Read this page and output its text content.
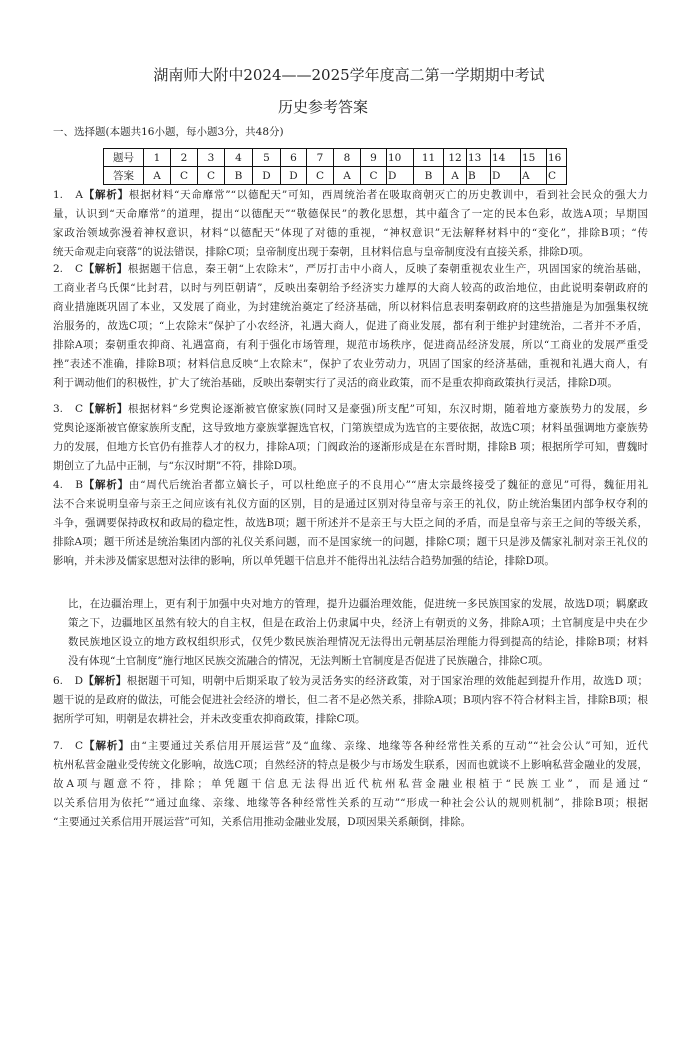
湖南师大附中2024——2025学年度高二第一学期期中考试
历史参考答案
一、选择题(本题共16小题，每小题3分，共48分)
题号	1	2	3	4	5	6	7	8	9	10	11	12	13	14	15	16
答案	A	C	C	B	D	D	C	A	C	D	B	A	B	D	A	C
1. A【解析】根据材料“天命靡常”“以德配天”可知，西周统治者在吸取商朝灭亡的历史教训中，看到社会民众的强大力
量，认识到“天命靡常”的道理，提出“以德配天”“敬德保民”的教化思想，其中蕴含了一定的民本色彩，故选A项；早期国
家政治领域弥漫着神权意识，材料“以德配天”体现了对德的重视，“神权意识”无法解释材料中的“变化”，排除B项；“传
统天命观走向衰落”的说法错误，排除C项；皇帝制度出现于秦朝，且材料信息与皇帝制度没有直接关系，排除D项。
2. C【解析】根据题干信息，秦王朝“上农除末”，严厉打击中小商人，反映了秦朝重视农业生产，巩固国家的统治基础，
工商业者乌氏倮“比封君，以时与列臣朝请”，反映出秦朝给予经济实力雄厚的大商人较高的政治地位，由此说明秦朝政府的
商业措施既巩固了本业，又发展了商业，为封建统治奠定了经济基础，所以材料信息表明秦朝政府的这些措施是为加强集权统
治服务的，故选C项；“上农除末”保护了小农经济，礼遇大商人，促进了商业发展，都有利于维护封建统治，二者并不矛盾，
排除A项；秦朝重农抑商、礼遇富商，有利于强化市场管理，规范市场秩序，促进商品经济发展，所以“工商业的发展严重受
挫”表述不准确，排除B项；材料信息反映“上农除末”，保护了农业劳动力，巩固了国家的经济基础，重视和礼遇大商人，有
利于调动他们的积极性，扩大了统治基础，反映出秦朝实行了灵活的商业政策，而不是重农抑商政策执行灵活，排除D项。
3. C【解析】根据材料“乡党舆论逐渐被官僚家族(同时又是豪强)所支配”可知，东汉时期，随着地方豪族势力的发展，乡
党舆论逐渐被官僚家族所支配，这导致地方豪族掌握选官权，门第族望成为选官的主要依据，故选C项；材料虽强调地方豪族势
力的发展，但地方长官仍有推荐人才的权力，排除A项；门阀政治的逐渐形成是在东晋时期，排除B 项；根据所学可知，曹魏时
期创立了九品中正制，与“东汉时期”不符，排除D项。
4. B【解析】由“周代后统治者都立嫡长子，可以杜绝庶子的不良用心”“唐太宗最终接受了魏征的意见”可得，魏征用礼
法不合来说明皇帝与亲王之间应该有礼仪方面的区别，目的是通过区别对待皇帝与亲王的礼仪，防止统治集团内部争权夺利的
斗争，强调要保持政权和政局的稳定性，故选B项；题干所述并不是亲王与大臣之间的矛盾，而是皇帝与亲王之间的等级关系，
排除A项；题干所述是统治集团内部的礼仪关系问题，而不是国家统一的问题，排除C项；题干只是涉及儒家礼制对亲王礼仪的
影响，并未涉及儒家思想对法律的影响，所以单凭题干信息并不能得出礼法结合趋势加强的结论，排除D项。
比，在边疆治理上，更有利于加强中央对地方的管理，提升边疆治理效能，促进统一多民族国家的发展，故选D项；羁縻政
策之下，边疆地区虽然有较大的自主权，但是在政治上仍隶属中央，经济上有朝贡的义务，排除A项；土官制度是中央在少
数民族地区设立的地方政权组织形式，仅凭少数民族治理情况无法得出元朝基层治理能力得到提高的结论，排除B项；材料
没有体现“土官制度”施行地区民族交流融合的情况，无法判断土官制度是否促进了民族融合，排除C项。
6. D【解析】根据题干可知，明朝中后期采取了较为灵活务实的经济政策，对于国家治理的效能起到提升作用，故选D 项；
题干说的是政府的做法，可能会促进社会经济的增长，但二者不是必然关系，排除A项；B项内容不符合材料主旨，排除B项；根
据所学可知，明朝是农耕社会，并未改变重农抑商政策，排除C项。
7. C【解析】由“主要通过关系信用开展运营”及“血缘、亲缘、地缘等各种经常性关系的互动”“社会公认”可知，近代
杭州私营金融业受传统文化影响，故选C项；自然经济的特点是极少与市场发生联系，因而也就谈不上影响私营金融业的发展，
故A项与题意不符，排除；单凭题干信息无法得出近代杭州私营金融业根植于“民族工业”，而是通过“
以关系信用为依托”“通过血缘、亲缘、地缘等各种经常性关系的互动”“形成一种社会公认的规则机制”，排除B项；根据
“主要通过关系信用开展运营”可知，关系信用推动金融业发展，D项因果关系颠倒，排除。
